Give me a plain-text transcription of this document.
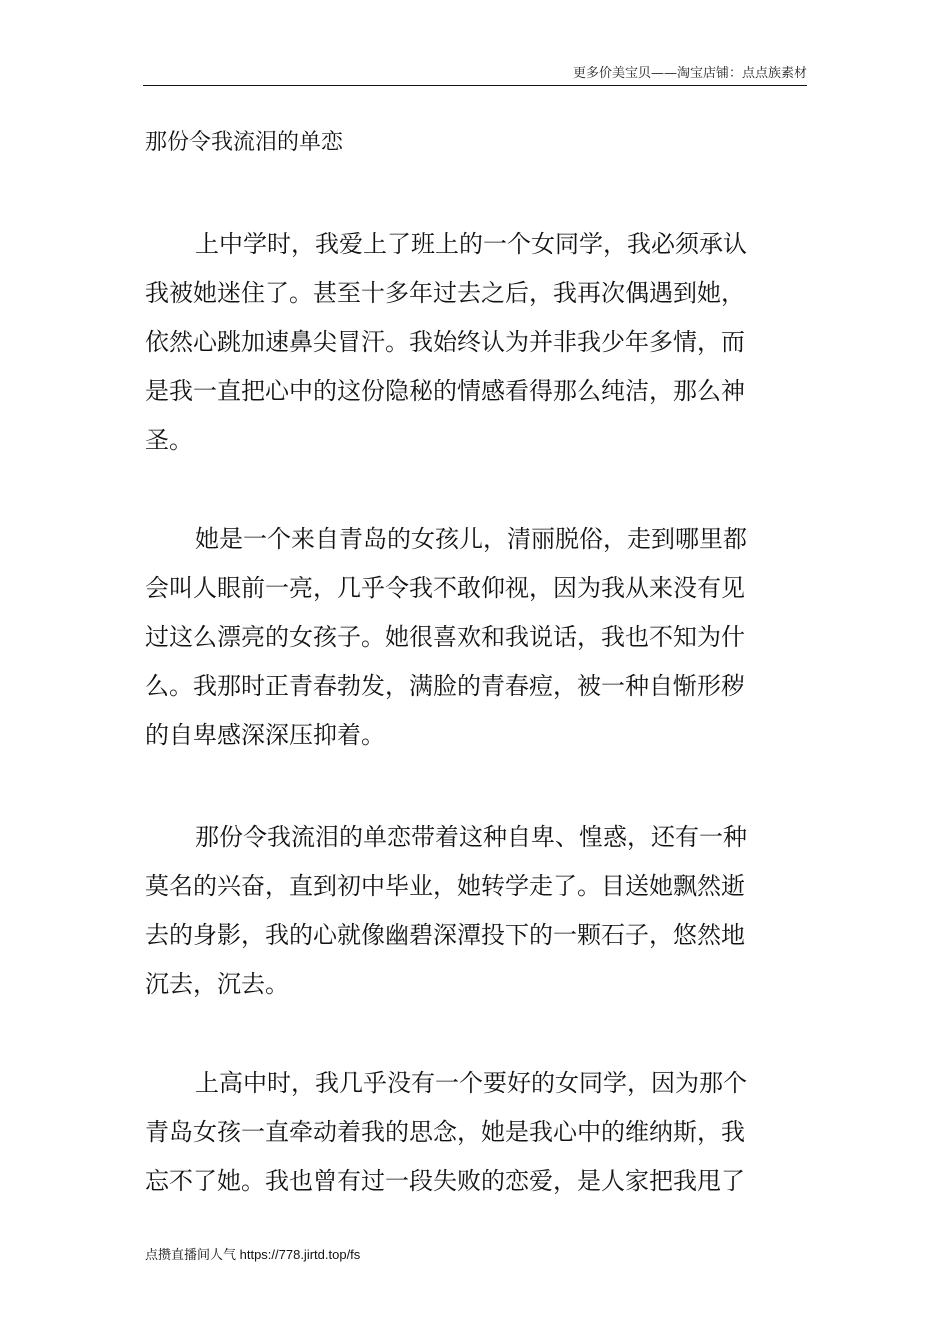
更多价美宝贝——淘宝店铺：点点族素材
那份令我流泪的单恋
上中学时，我爱上了班上的一个女同学，我必须承认
我被她迷住了。甚至十多年过去之后，我再次偶遇到她，
依然心跳加速鼻尖冒汗。我始终认为并非我少年多情，而
是我一直把心中的这份隐秘的情感看得那么纯洁，那么神
圣。
她是一个来自青岛的女孩儿，清丽脱俗，走到哪里都
会叫人眼前一亮，几乎令我不敢仰视，因为我从来没有见
过这么漂亮的女孩子。她很喜欢和我说话，我也不知为什
么。我那时正青春勃发，满脸的青春痘，被一种自惭形秽
的自卑感深深压抑着。
那份令我流泪的单恋带着这种自卑、惶惑，还有一种
莫名的兴奋，直到初中毕业，她转学走了。目送她飘然逝
去的身影，我的心就像幽碧深潭投下的一颗石子，悠然地
沉去，沉去。
上高中时，我几乎没有一个要好的女同学，因为那个
青岛女孩一直牵动着我的思念，她是我心中的维纳斯，我
忘不了她。我也曾有过一段失败的恋爱，是人家把我甩了
点攒直播间人气 https://778.jirtd.top/fs
